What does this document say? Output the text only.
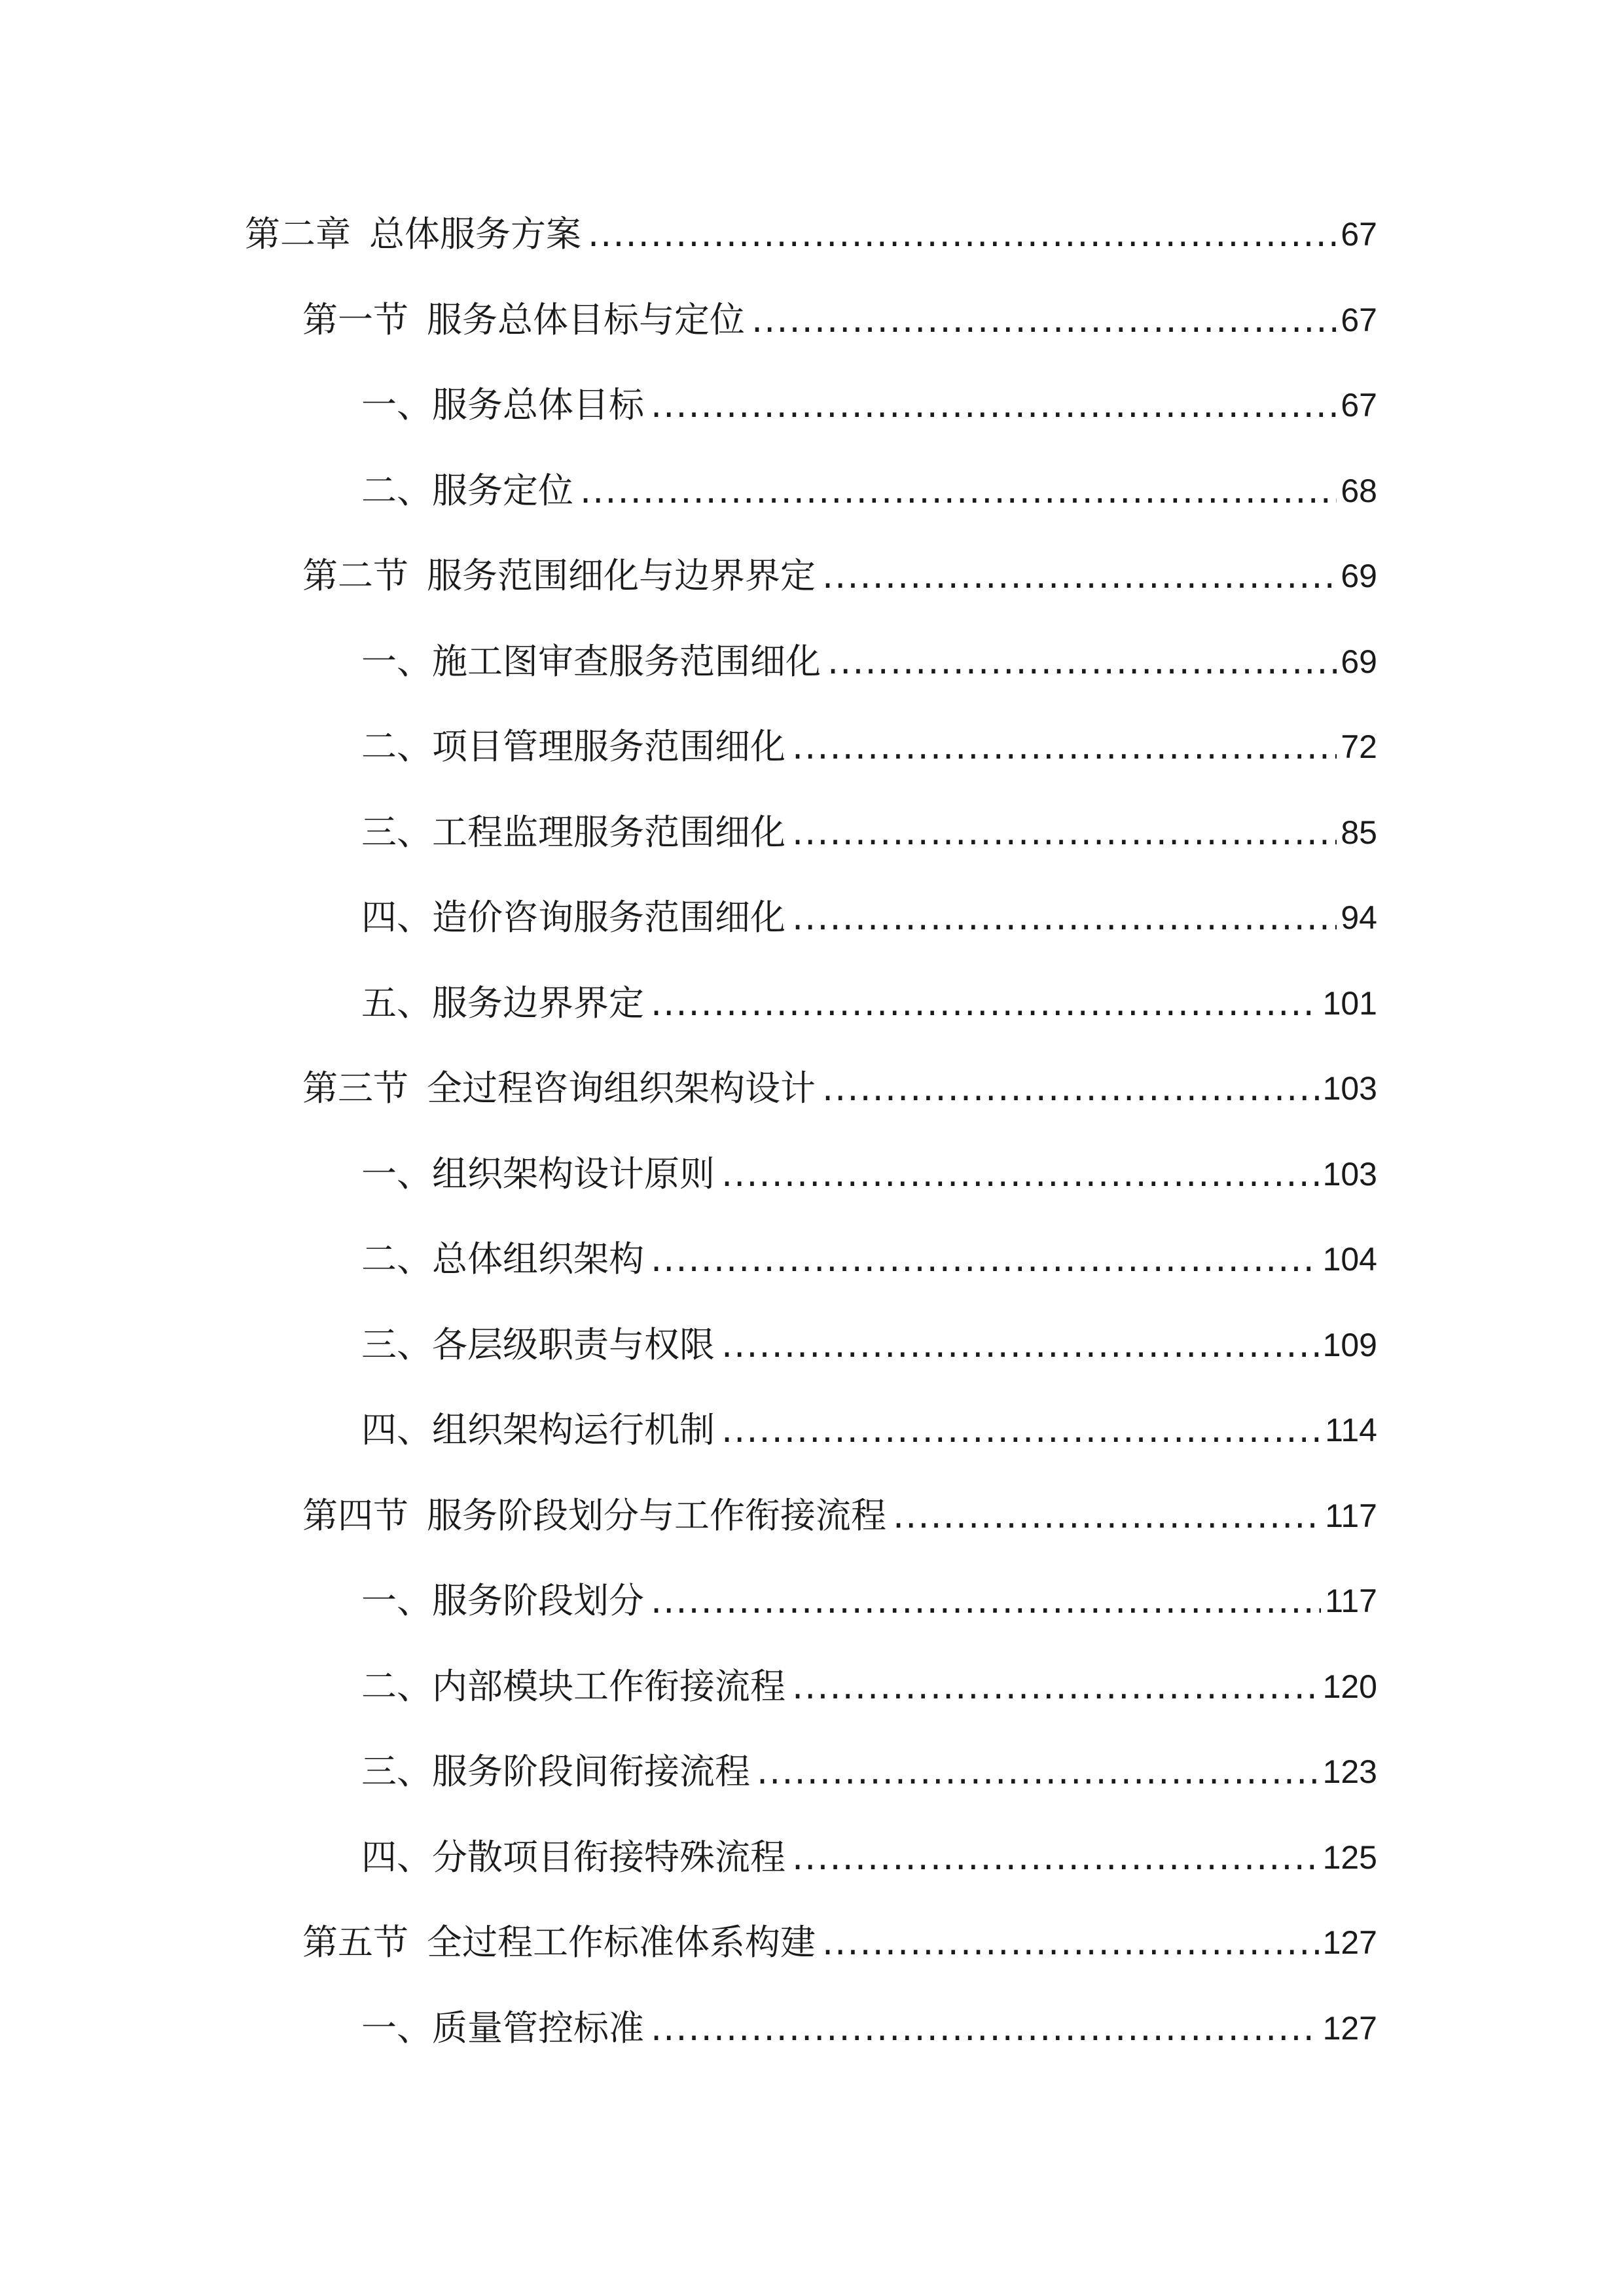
第二章 总体服务方案 .....	67
第一节 服务总体目标与定位 .....	67
一、 服务总体目标 .....	67
二、 服务定位 .....	68
第二节 服务范围细化与边界界定 .....	69
一、 施工图审查服务范围细化 .....	69
二、 项目管理服务范围细化 .....	72
三、 工程监理服务范围细化 .....	85
四、 造价咨询服务范围细化 .....	94
五、 服务边界界定 .....	101
第三节 全过程咨询组织架构设计 .....	103
一、 组织架构设计原则 .....	103
二、 总体组织架构 .....	104
三、 各层级职责与权限 .....	109
四、 组织架构运行机制 .....	114
第四节 服务阶段划分与工作衔接流程 .....	117
一、 服务阶段划分 .....	117
二、 内部模块工作衔接流程 .....	120
三、 服务阶段间衔接流程 .....	123
四、 分散项目衔接特殊流程 .....	125
第五节 全过程工作标准体系构建 .....	127
一、 质量管控标准 .....	127
